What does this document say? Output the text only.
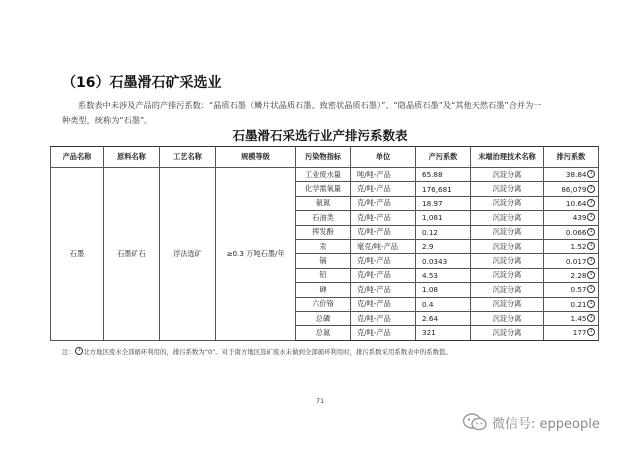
（16）石墨滑石矿采选业
系数表中未涉及产品的产排污系数：“晶质石墨（鳞片状晶质石墨、致密状晶质石墨）”、“隐晶质石墨”及“其他天然石墨”合并为一
种类型，统称为“石墨”。
石墨滑石采选行业产排污系数表
产品名称	原料名称	工艺名称	规模等级	污染物指标	单位	产污系数	末端治理技术名称	排污系数
石墨	石墨矿石	浮法选矿	≥0.3 万吨石墨/年	工业废水量	吨/吨-产品	65.88	沉淀分离	38.84 1
				化学需氧量	克/吨-产品	176,681	沉淀分离	86,079 1
				氨氮	克/吨-产品	18.97	沉淀分离	10.64 1
				石油类	克/吨-产品	1,081	沉淀分离	439 1
				挥发酚	克/吨-产品	0.12	沉淀分离	0.066 1
				汞	毫克/吨-产品	2.9	沉淀分离	1.52 1
				镉	克/吨-产品	0.0343	沉淀分离	0.017 1
				铅	克/吨-产品	4.53	沉淀分离	2.28 1
				砷	克/吨-产品	1.08	沉淀分离	0.57 1
				六价铬	克/吨-产品	0.4	沉淀分离	0.21 1
				总磷	克/吨-产品	2.64	沉淀分离	1.45 1
				总氮	克/吨-产品	321	沉淀分离	177 1
注： 1 北方地区废水全部循环利用的，排污系数为“0”。对于南方地区选矿废水未做到全部循环利用时，排污系数采用系数表中的系数值。
71
微信号: eppeople
